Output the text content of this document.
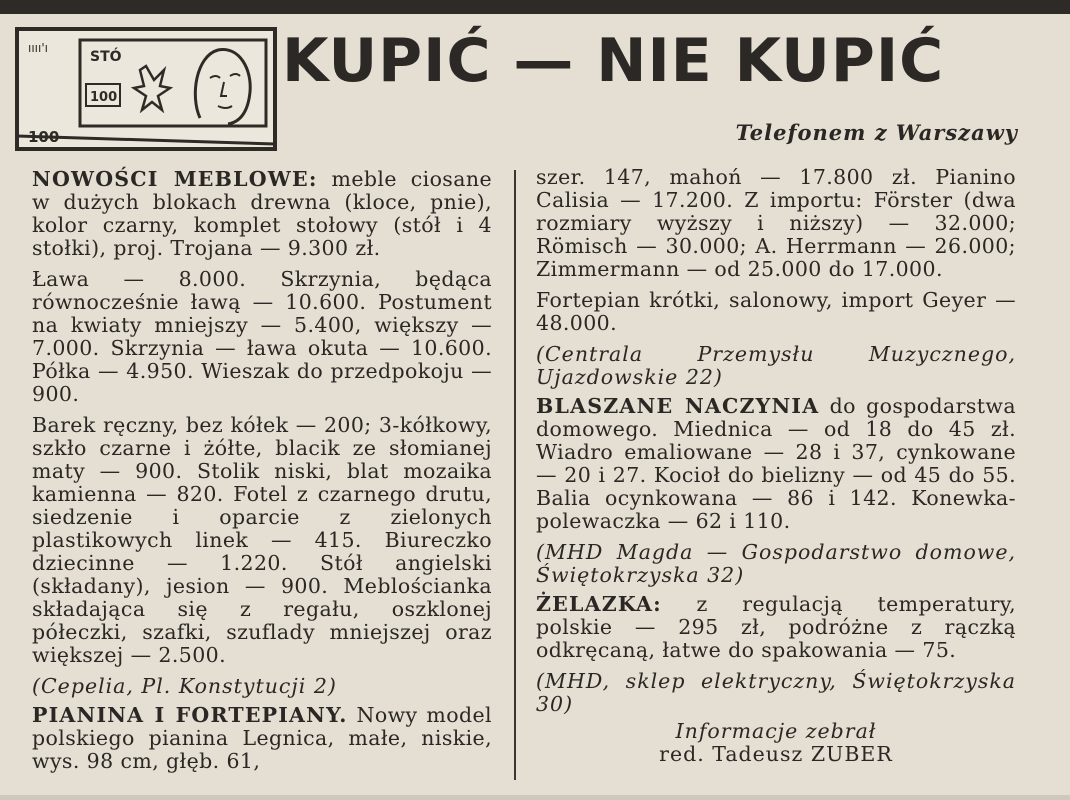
ıııı'ı
STÓ
100
100
KUPIĆ — NIE KUPIĆ
Telefonem z Warszawy

NOWOŚCI MEBLOWE: meble ciosane w dużych blokach drewna (kloce, pnie), kolor czarny, komplet stołowy (stół i 4 stołki), proj. Trojana — 9.300 zł.

Ława — 8.000. Skrzynia, będąca równocześnie ławą — 10.600. Postument na kwiaty mniejszy — 5.400, większy — 7.000. Skrzynia — ława okuta — 10.600. Półka — 4.950. Wieszak do przedpokoju — 900.

Barek ręczny, bez kółek — 200; 3-kółkowy, szkło czarne i żółte, blacik ze słomianej maty — 900. Stolik niski, blat mozaika kamienna — 820. Fotel z czarnego drutu, siedzenie i oparcie z zielonych plastikowych linek — 415. Biureczko dziecinne — 1.220. Stół angielski (składany), jesion — 900. Meblościanka składająca się z regału, oszklonej półeczki, szafki, szuflady mniejszej oraz większej — 2.500.

(Cepelia, Pl. Konstytucji 2)

PIANINA I FORTEPIANY. Nowy model polskiego pianina Legnica, małe, niskie, wys. 98 cm, głęb. 61,

szer. 147, mahoń — 17.800 zł. Pianino Calisia — 17.200. Z importu: Förster (dwa rozmiary wyższy i niższy) — 32.000; Römisch — 30.000; A. Herrmann — 26.000; Zimmermann — od 25.000 do 17.000.

Fortepian krótki, salonowy, import Geyer — 48.000.

(Centrala Przemysłu Muzycznego, Ujazdowskie 22)

BLASZANE NACZYNIA do gospodarstwa domowego. Miednica — od 18 do 45 zł. Wiadro emaliowane — 28 i 37, cynkowane — 20 i 27. Kocioł do bielizny — od 45 do 55. Balia ocynkowana — 86 i 142. Konewka-polewaczka — 62 i 110.

(MHD Magda — Gospodarstwo domowe, Świętokrzyska 32)

ŻELAZKA: z regulacją temperatury, polskie — 295 zł, podróżne z rączką odkręcaną, łatwe do spakowania — 75.

(MHD, sklep elektryczny, Świętokrzyska 30)

Informacje zebrał

red. Tadeusz ZUBER
